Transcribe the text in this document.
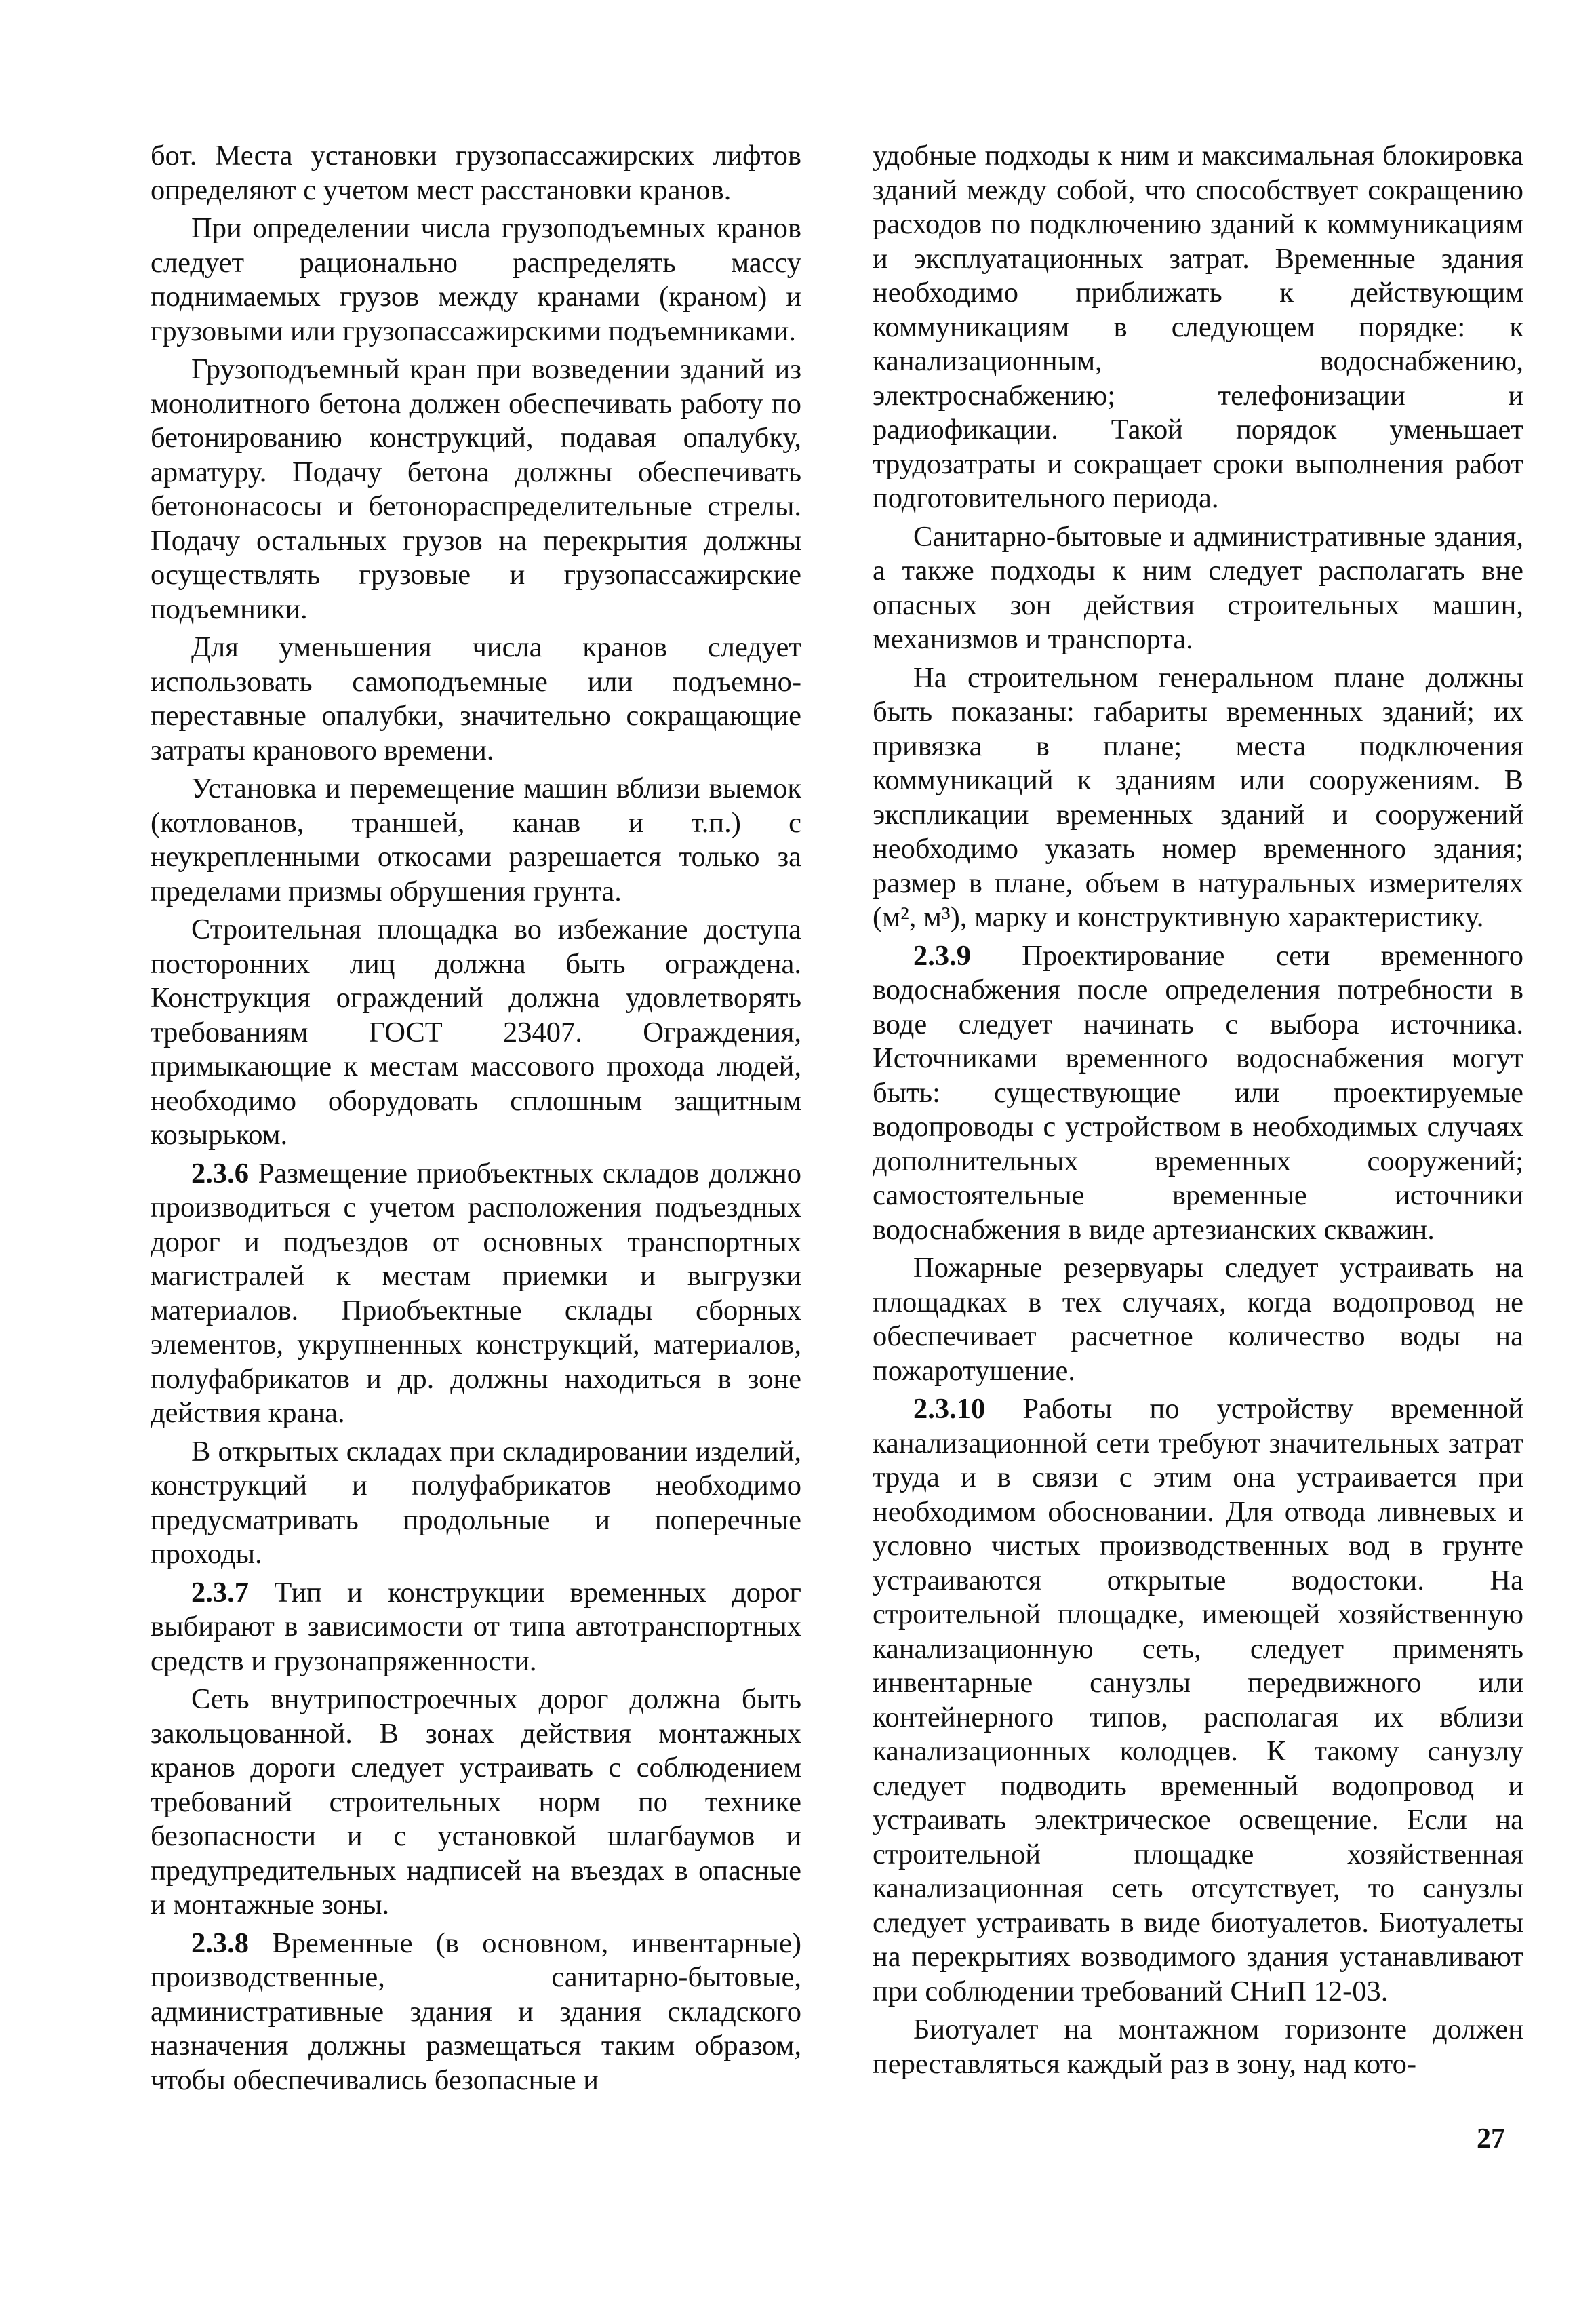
бот. Места установки грузопассажирских лифтов определяют с учетом мест расстановки кранов.

При определении числа грузоподъемных кранов следует рационально распределять массу поднимаемых грузов между кранами (краном) и грузовыми или грузопассажирскими подъемниками.

Грузоподъемный кран при возведении зданий из монолитного бетона должен обеспечивать работу по бетонированию конструкций, подавая опалубку, арматуру. Подачу бетона должны обеспечивать бетононасосы и бетонораспределительные стрелы. Подачу остальных грузов на перекрытия должны осуществлять грузовые и грузопассажирские подъемники.

Для уменьшения числа кранов следует использовать самоподъемные или подъемно-переставные опалубки, значительно сокращающие затраты кранового времени.

Установка и перемещение машин вблизи выемок (котлованов, траншей, канав и т.п.) с неукрепленными откосами разрешается только за пределами призмы обрушения грунта.

Строительная площадка во избежание доступа посторонних лиц должна быть ограждена. Конструкция ограждений должна удовлетворять требованиям ГОСТ 23407. Ограждения, примыкающие к местам массового прохода людей, необходимо оборудовать сплошным защитным козырьком.

2.3.6 Размещение приобъектных складов должно производиться с учетом расположения подъездных дорог и подъездов от основных транспортных магистралей к местам приемки и выгрузки материалов. Приобъектные склады сборных элементов, укрупненных конструкций, материалов, полуфабрикатов и др. должны находиться в зоне действия крана.

В открытых складах при складировании изделий, конструкций и полуфабрикатов необходимо предусматривать продольные и поперечные проходы.

2.3.7 Тип и конструкции временных дорог выбирают в зависимости от типа автотранспортных средств и грузонапряженности.

Сеть внутрипостроечных дорог должна быть закольцованной. В зонах действия монтажных кранов дороги следует устраивать с соблюдением требований строительных норм по технике безопасности и с установкой шлагбаумов и предупредительных надписей на въездах в опасные и монтажные зоны.

2.3.8 Временные (в основном, инвентарные) производственные, санитарно-бытовые, административные здания и здания складского назначения должны размещаться таким образом, чтобы обеспечивались безопасные и

удобные подходы к ним и максимальная блокировка зданий между собой, что способствует сокращению расходов по подключению зданий к коммуникациям и эксплуатационных затрат. Временные здания необходимо приближать к действующим коммуникациям в следующем порядке: к канализационным, водоснабжению, электроснабжению; телефонизации и радиофикации. Такой порядок уменьшает трудозатраты и сокращает сроки выполнения работ подготовительного периода.

Санитарно-бытовые и административные здания, а также подходы к ним следует располагать вне опасных зон действия строительных машин, механизмов и транспорта.

На строительном генеральном плане должны быть показаны: габариты временных зданий; их привязка в плане; места подключения коммуникаций к зданиям или сооружениям. В экспликации временных зданий и сооружений необходимо указать номер временного здания; размер в плане, объем в натуральных измерителях (м², м³), марку и конструктивную характеристику.

2.3.9 Проектирование сети временного водоснабжения после определения потребности в воде следует начинать с выбора источника. Источниками временного водоснабжения могут быть: существующие или проектируемые водопроводы с устройством в необходимых случаях дополнительных временных сооружений; самостоятельные временные источники водоснабжения в виде артезианских скважин.

Пожарные резервуары следует устраивать на площадках в тех случаях, когда водопровод не обеспечивает расчетное количество воды на пожаротушение.

2.3.10 Работы по устройству временной канализационной сети требуют значительных затрат труда и в связи с этим она устраивается при необходимом обосновании. Для отвода ливневых и условно чистых производственных вод в грунте устраиваются открытые водостоки. На строительной площадке, имеющей хозяйственную канализационную сеть, следует применять инвентарные санузлы передвижного или контейнерного типов, располагая их вблизи канализационных колодцев. К такому санузлу следует подводить временный водопровод и устраивать электрическое освещение. Если на строительной площадке хозяйственная канализационная сеть отсутствует, то санузлы следует устраивать в виде биотуалетов. Биотуалеты на перекрытиях возводимого здания устанавливают при соблюдении требований СНиП 12-03.

Биотуалет на монтажном горизонте должен переставляться каждый раз в зону, над кото-

27
